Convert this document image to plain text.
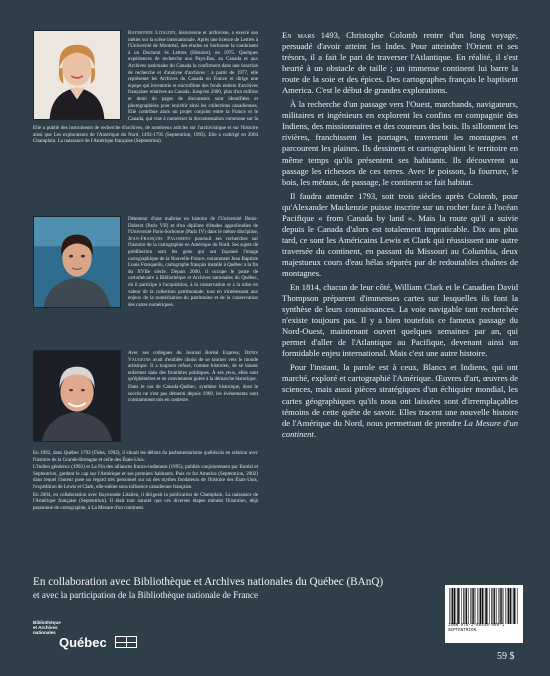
Raymonde Litalien, historienne et archiviste, a exercé son métier sur la scène internationale. Après une licence de Lettres à l'Université de Montréal, des études en Sorbonne la conduisent à un Doctorat ès Lettres (Histoire), en 1975. Quelques expériences de recherche aux Pays-Bas, au Canada et aux Archives nationales du Canada la confirment dans une fonction de recherche et d'analyse d'archives : à partir de 1977, elle représente les Archives du Canada en France et dirige une équipe qui inventorie et microfilme des fonds entiers d'archives françaises relatives au Canada. Jusqu'en 2000, plus d'un million et demi de pages de documents sont identifiées et photographiées pour enrichir ainsi les collections canadiennes. Elle contribue alors un projet conjoint entre la France et le Canada, qui vise à numériser la documentation commune sur la

Elle a publié des instruments de recherche d'archives, de nombreux articles sur l'archivistique et sur l'histoire ainsi que Les explorateurs de l'Amérique du Nord, 1492-1795 (Septentrion, 1993). Elle a codirigé en 2004 Champlain. La naissance de l'Amérique française (Septentrion).

Détenteur d'une maîtrise en histoire de l'Université Denis-Diderot (Paris VII) et d'un diplôme d'études approfondies de l'Université Paris-Sorbonne (Paris IV) dans le même discipline, Jean-François Palomino poursuit ses recherches sur l'histoire de la cartographie en Amérique du Nord. Ses sujets de prédilection sont les gens qui ont façonné l'image cartographique de la Nouvelle-France, notamment Jean Baptiste Louis Franquelin, cartographe français installé à Québec à la fin du XVIIe siècle. Depuis 2000, il occupe le poste de cartothécaire à Bibliothèque et Archives nationales du Québec, où il participe à l'acquisition, à la conservation et à la mise en valeur de la collection patrimoniale, tout en s'intéressant aux enjeux de la numérisation du patrimoine et de la conservation des cartes numériques.

Avec ses collègues du Journal Boréal Express, Denis Vaugeois avait d'emblée choisi de se tourner vers le monde artistique. Il a toujours refusé, comme historien, de se laisser enfermer dans des frontières politiques. À ses yeux, elles sont qu'éphémères et ne conviennent guère à la démarche historique.

Dans le cas de Canada-Québec, synthèse historique, dont le succès ne s'est pas démenti depuis 1968, les événements sont constamment mis en contexte.

En 1992, dans Québec 1792 (Fides, 1992), il situait les débuts du parlementarisme québécois en relation avec l'histoire de la Grande-Bretagne et celle des États-Unis.

L'Indien généreux (1992) et La Fin des alliances franco-indiennes (1995), publiés conjointement par Boréal et Septentrion, gardent le cap sur l'Amérique et ses premiers habitants. Puis ce fut America (Septentrion, 2002) dans lequel l'auteur pose un regard très personnel sur un des mythes fondateurs de l'histoire des États-Unis, l'expédition de Lewis et Clark, elle-même sous influence canadienne française.

En 2004, en collaboration avec Raymonde Litalien, il dirigeait la publication de Champlain. La naissance de l'Amérique française (Septentrion). Il était tout naturel que ces diverses étapes mènent l'historien, déjà passionné de cartographie, à La Mesure d'un continent.

En mars 1493, Christophe Colomb rentre d'un long voyage, persuadé d'avoir atteint les Indes. Pour atteindre l'Orient et ses trésors, il a fait le pari de traverser l'Atlantique. En réalité, il s'est heurté à un obstacle de taille ; un immense continent lui barre la route de la soie et des épices. Des cartographes français le baptisent America. C'est le début de grandes explorations.

À la recherche d'un passage vers l'Ouest, marchands, navigateurs, militaires et ingénieurs en explorent les confins en compagnie des Indiens, des missionnaires et des coureurs des bois. Ils sillonnent les rivières, franchissent les portages, traversent les montagnes et parcourent les plaines. Ils dessinent et cartographient le territoire en même temps qu'ils présentent ses habitants. Ils découvrent au passage les richesses de ces terres. Avec le poisson, la fourrure, le bois, les métaux, de passage, le continent se fait habitat.

Il faudra attendre 1793, soit trois siècles après Colomb, pour qu'Alexander Mackenzie puisse inscrire sur un rocher face à l'océan Pacifique « from Canada by land ». Mais la route qu'il a suivie depuis le Canada d'alors est totalement impraticable. Dix ans plus tard, ce sont les Américains Lewis et Clark qui réussissent une autre traversée du continent, en passant du Missouri au Columbia, deux majestueux cours d'eau hélas séparés par de redoutables chaînes de montagnes.

En 1814, chacun de leur côté, William Clark et le Canadien David Thompson préparent d'immenses cartes sur lesquelles ils font la synthèse de leurs connaissances. La voie navigable tant recherchée n'existe toujours pas. Il y a bien toutefois ce fameux passage du Nord-Ouest, maintenant ouvert quelques semaines par an, qui permet d'aller de l'Atlantique au Pacifique, devenant ainsi un formidable enjeu international. Mais c'est une autre histoire.

Pour l'instant, la parole est à ceux, Blancs et Indiens, qui ont marché, exploré et cartographié l'Amérique. Œuvres d'art, œuvres de sciences, mais aussi pièces stratégiques d'un échiquier mondial, les cartes géographiques qu'ils nous ont laissées sont d'irremplaçables témoins de cette quête de savoir. Elles tracent une nouvelle histoire de l'Amérique du Nord, nous permettant de prendre La Mesure d'un continent.

En collaboration avec Bibliothèque et Archives nationales du Québec (BAnQ)
et avec la participation de la Bibliothèque nationale de France
Bibliothèque
et Archives
nationales
Québec
ISBN 978-2-89448-505-1
SEPTENTRION
59 $
